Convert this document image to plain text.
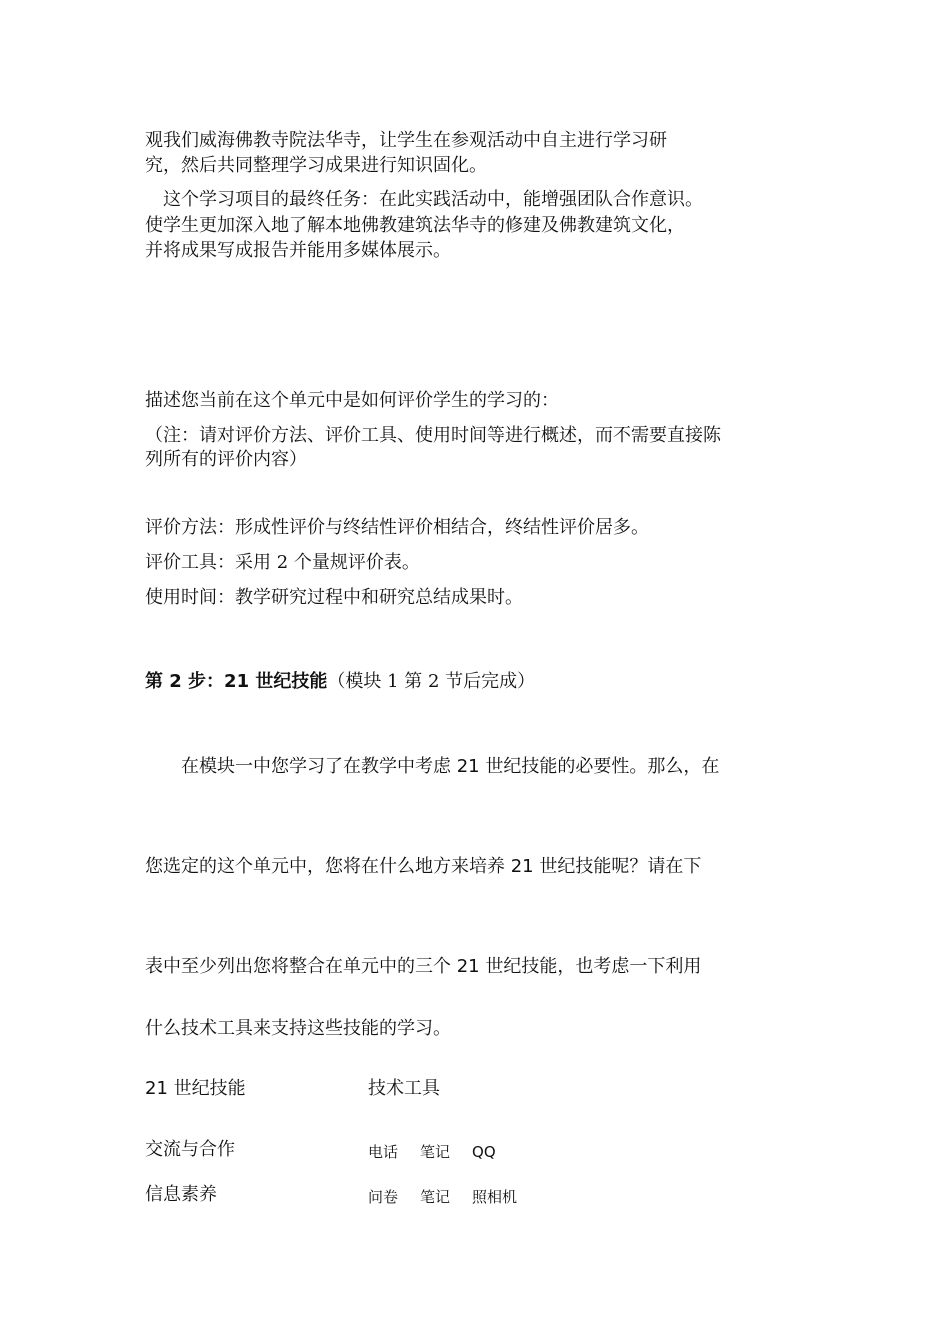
观我们威海佛教寺院法华寺，让学生在参观活动中自主进行学习研
究，然后共同整理学习成果进行知识固化。
　这个学习项目的最终任务：在此实践活动中，能增强团队合作意识。
使学生更加深入地了解本地佛教建筑法华寺的修建及佛教建筑文化，
并将成果写成报告并能用多媒体展示。
描述您当前在这个单元中是如何评价学生的学习的：
（注：请对评价方法、评价工具、使用时间等进行概述，而不需要直接陈
列所有的评价内容）
评价方法：形成性评价与终结性评价相结合，终结性评价居多。
评价工具：采用 2 个量规评价表。
使用时间：教学研究过程中和研究总结成果时。
第 2 步：21 世纪技能（模块 1 第 2 节后完成）
　　在模块一中您学习了在教学中考虑 21 世纪技能的必要性。那么，在
您选定的这个单元中，您将在什么地方来培养 21 世纪技能呢？请在下
表中至少列出您将整合在单元中的三个 21 世纪技能，也考虑一下利用
什么技术工具来支持这些技能的学习。
21 世纪技能	技术工具
交流与合作	电话 笔记 QQ
信息素养	问卷 笔记 照相机
